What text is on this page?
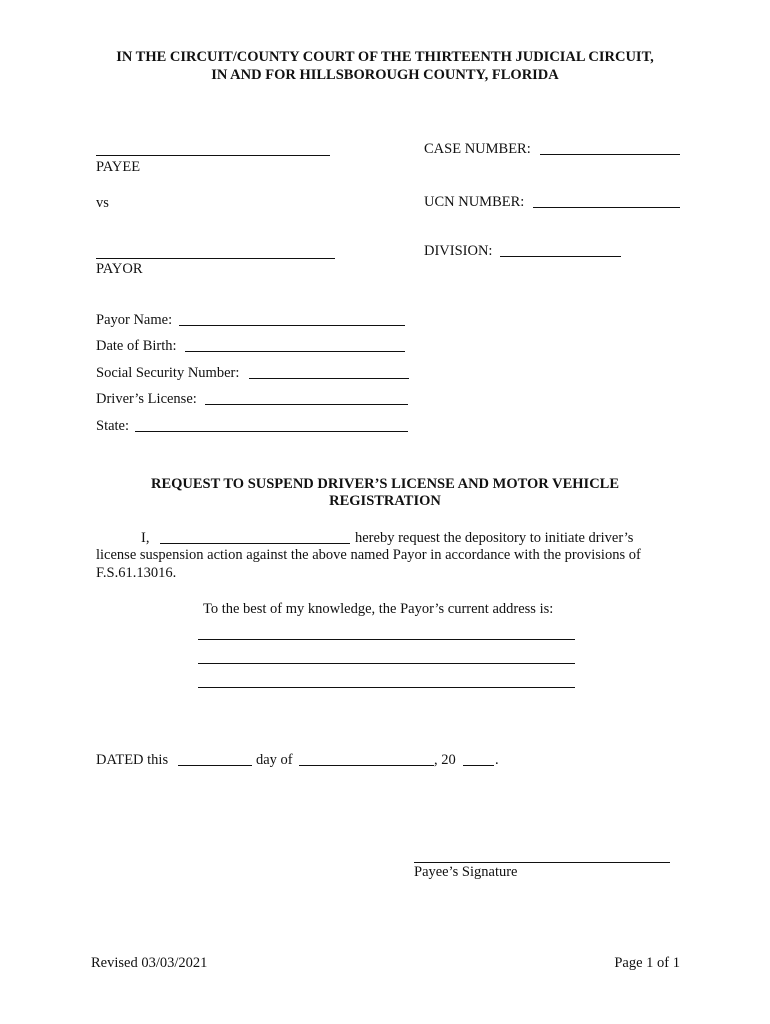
IN THE CIRCUIT/COUNTY COURT OF THE THIRTEENTH JUDICIAL CIRCUIT,
IN AND FOR HILLSBOROUGH COUNTY, FLORIDA
PAYEE
vs
PAYOR
CASE NUMBER:
UCN NUMBER:
DIVISION:
Payor Name:
Date of Birth:
Social Security Number:
Driver’s License:
State:
REQUEST TO SUSPEND DRIVER’S LICENSE AND MOTOR VEHICLE
REGISTRATION
I,	hereby request the depository to initiate driver’s
license suspension action against the above named Payor in accordance with the provisions of
F.S.61.13016.
To the best of my knowledge, the Payor’s current address is:
DATED this	day of	, 20	.
Payee’s Signature
Revised 03/03/2021	Page 1 of 1
